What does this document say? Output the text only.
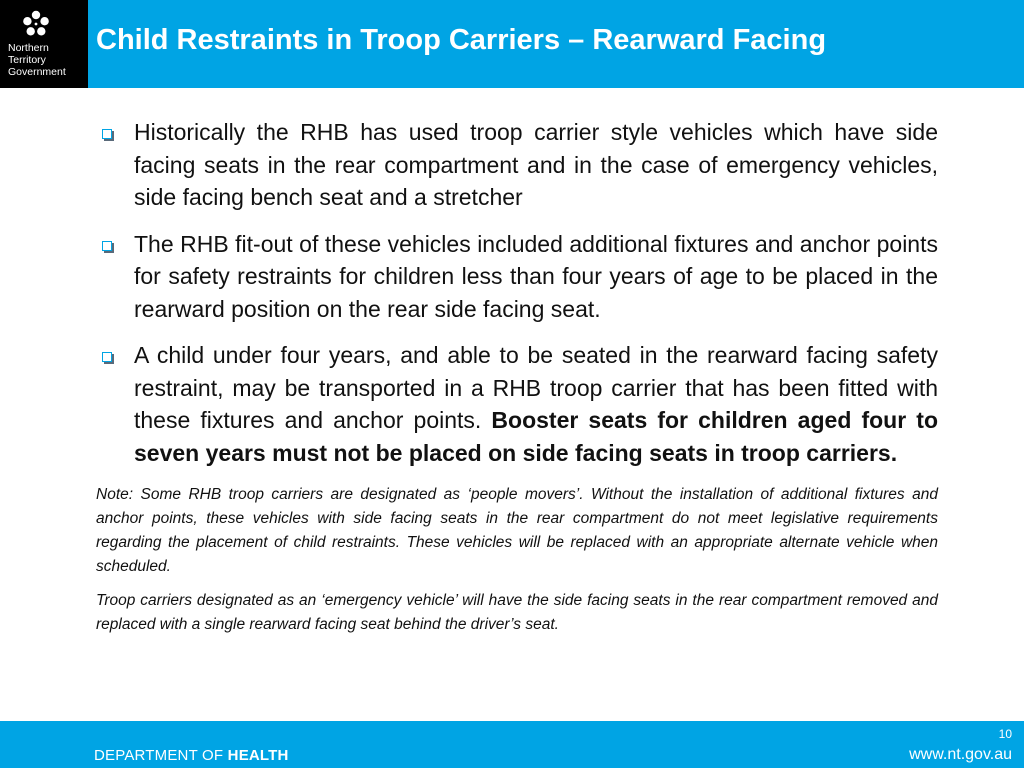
Northern
Territory
Government
Child Restraints in Troop Carriers – Rearward Facing
Historically the RHB has used troop carrier style vehicles which have side facing seats in the rear compartment and in the case of emergency vehicles, side facing bench seat and a stretcher
The RHB fit-out of these vehicles included additional fixtures and anchor points for safety restraints for children less than four years of age to be placed in the rearward position on the rear side facing seat.
A child under four years, and able to be seated in the rearward facing safety restraint, may be transported in a RHB troop carrier that has been fitted with these fixtures and anchor points. Booster seats for children aged four to seven years must not be placed on side facing seats in troop carriers.

Note: Some RHB troop carriers are designated as ‘people movers’. Without the installation of additional fixtures and anchor points, these vehicles with side facing seats in the rear compartment do not meet legislative requirements regarding the placement of child restraints. These vehicles will be replaced with an appropriate alternate vehicle when scheduled.

Troop carriers designated as an ‘emergency vehicle’ will have the side facing seats in the rear compartment removed and replaced with a single rearward facing seat behind the driver’s seat.

10
DEPARTMENT OF HEALTH	www.nt.gov.au
